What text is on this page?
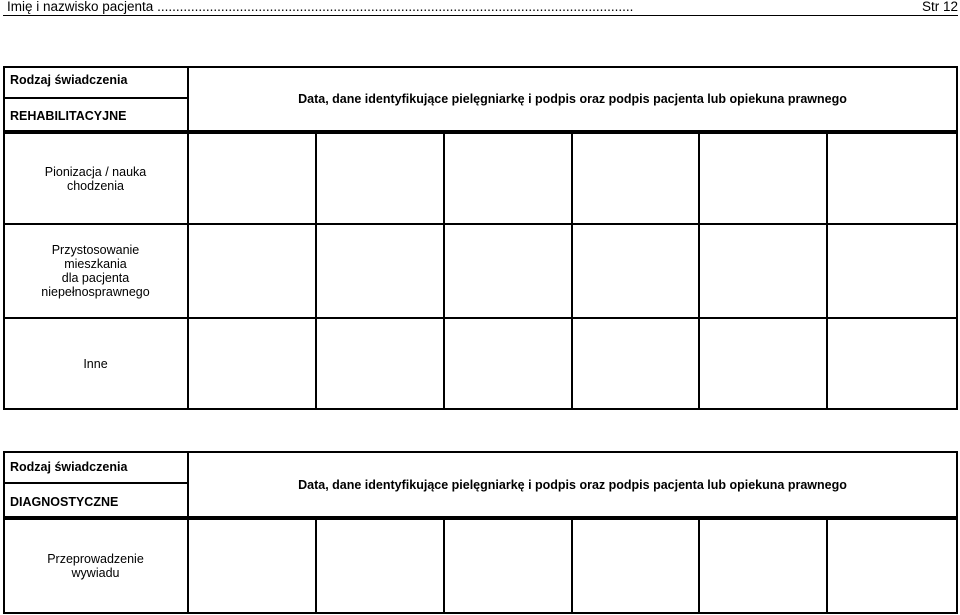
Imię i nazwisko pacjenta ...............................................................................................................................	Str 12
Rodzaj świadczenia
REHABILITACYJNE
Data, dane identyfikujące pielęgniarkę i podpis oraz podpis pacjenta lub opiekuna prawnego
Pionizacja / nauka
chodzenia
Przystosowanie
mieszkania
dla pacjenta
niepełnosprawnego
Inne
Rodzaj świadczenia
DIAGNOSTYCZNE
Data, dane identyfikujące pielęgniarkę i podpis oraz podpis pacjenta lub opiekuna prawnego
Przeprowadzenie
wywiadu
